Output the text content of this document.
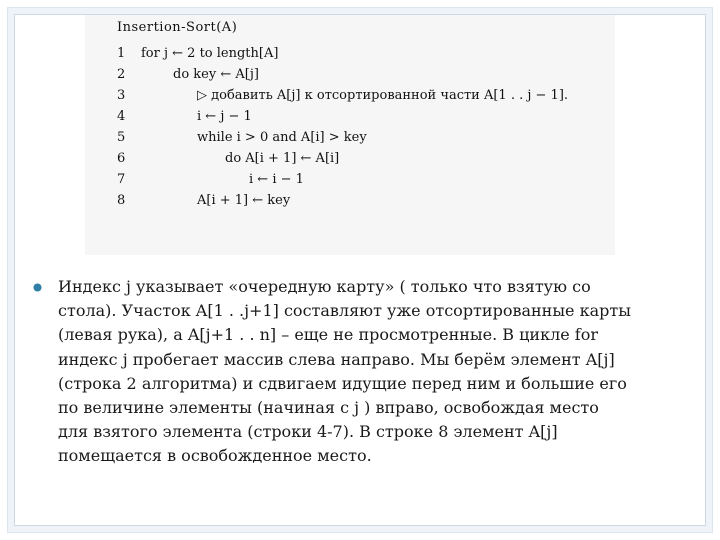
Insertion-Sort(A)
1	for j ← 2 to length[A]
2	do key ← A[j]
3	▷ добавить A[j] к отсортированной части A[1 . . j − 1].
4	i ← j − 1
5	while i > 0 and A[i] > key
6	do A[i + 1] ← A[i]
7	i ← i − 1
8	A[i + 1] ← key
Индекс j указывает «очередную карту» ( только что взятую со
стола). Участок A[1 . .j+1] составляют уже отсортированные карты
(левая рука), а A[j+1 . . n] – еще не просмотренные. В цикле for
индекс j пробегает массив слева направо. Мы берём элемент A[j]
(строка 2 алгоритма) и сдвигаем идущие перед ним и большие его
по величине элементы (начиная с j ) вправо, освобождая место
для взятого элемента (строки 4-7). В строке 8 элемент A[j]
помещается в освобожденное место.
